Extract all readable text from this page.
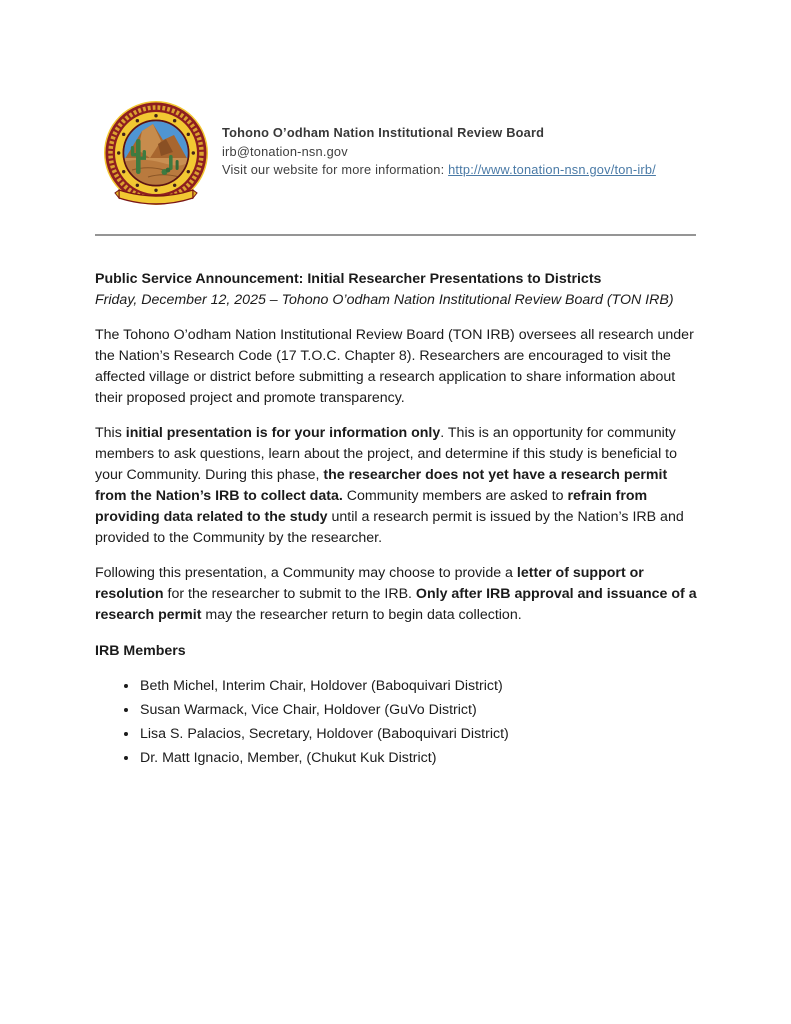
Tohono O’odham Nation Institutional Review Board
irb@tonation-nsn.gov
Visit our website for more information: http://www.tonation-nsn.gov/ton-irb/

Public Service Announcement: Initial Researcher Presentations to Districts

Friday, December 12, 2025 – Tohono O’odham Nation Institutional Review Board (TON IRB)

The Tohono O’odham Nation Institutional Review Board (TON IRB) oversees all research under the Nation’s Research Code (17 T.O.C. Chapter 8). Researchers are encouraged to visit the affected village or district before submitting a research application to share information about their proposed project and promote transparency.

This initial presentation is for your information only. This is an opportunity for community members to ask questions, learn about the project, and determine if this study is beneficial to your Community. During this phase, the researcher does not yet have a research permit from the Nation’s IRB to collect data. Community members are asked to refrain from providing data related to the study until a research permit is issued by the Nation’s IRB and provided to the Community by the researcher.

Following this presentation, a Community may choose to provide a letter of support or resolution for the researcher to submit to the IRB. Only after IRB approval and issuance of a research permit may the researcher return to begin data collection.

IRB Members

• Beth Michel, Interim Chair, Holdover (Baboquivari District)
• Susan Warmack, Vice Chair, Holdover (GuVo District)
• Lisa S. Palacios, Secretary, Holdover (Baboquivari District)
• Dr. Matt Ignacio, Member, (Chukut Kuk District)
